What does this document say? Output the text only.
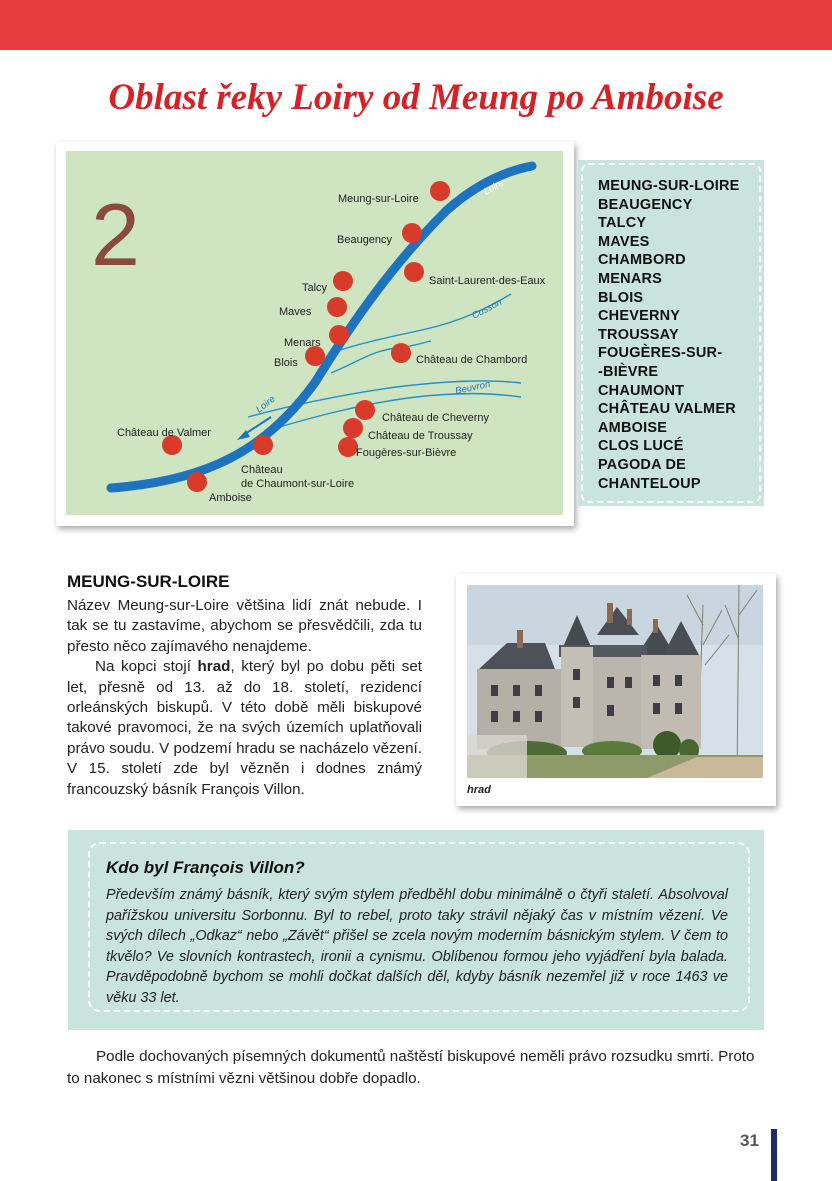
Oblast řeky Loiry od Meung po Amboise
Loire
Loire
Cosson
Beuvron
2	Meung-sur-Loire
Beaugency
Saint-Laurent-des-Eaux
Talcy
Maves
Menars
Blois	Château de Chambord
Château de Cheverny
Château de Troussay
Fougères-sur-Bièvre
Château de Valmer
Château
de Chaumont-sur-Loire
Amboise
MEUNG-SUR-LOIRE
BEAUGENCY
TALCY
MAVES
CHAMBORD
MENARS
BLOIS
CHEVERNY
TROUSSAY
FOUGÈRES-SUR-
-BIÈVRE
CHAUMONT
CHÂTEAU VALMER
AMBOISE
CLOS LUCÉ
PAGODA DE
CHANTELOUP
MEUNG-SUR-LOIRE

Název Meung-sur-Loire většina lidí znát nebude. I tak se tu zastavíme, abychom se přesvědčili, zda tu přesto něco zajímavého nenajdeme.

Na kopci stojí hrad, který byl po dobu pěti set let, přesně od 13. až do 18. století, rezidencí orleánských biskupů. V této době měli biskupové takové pravomoci, že na svých územích uplatňovali právo soudu. V podzemí hradu se nacházelo vězení. V 15. století zde byl vězněn i dodnes známý francouzský básník François Villon.	hrad
Kdo byl François Villon?
Především známý básník, který svým stylem předběhl dobu minimálně o čtyři staletí. Absolvoval pařížskou universitu Sorbonnu. Byl to rebel, proto taky strávil nějaký čas v místním vězení. Ve svých dílech „Odkaz“ nebo „Závět“ přišel se zcela novým moderním básnickým stylem. V čem to tkvělo? Ve slovních kontrastech, ironii a cynismu. Oblíbenou formou jeho vyjádření byla balada. Pravděpodobně bychom se mohli dočkat dalších děl, kdyby básník nezemřel již v roce 1463 ve věku 33 let.

Podle dochovaných písemných dokumentů naštěstí biskupové neměli právo rozsudku smrti. Proto to nakonec s místními vězni většinou dobře dopadlo.

31
